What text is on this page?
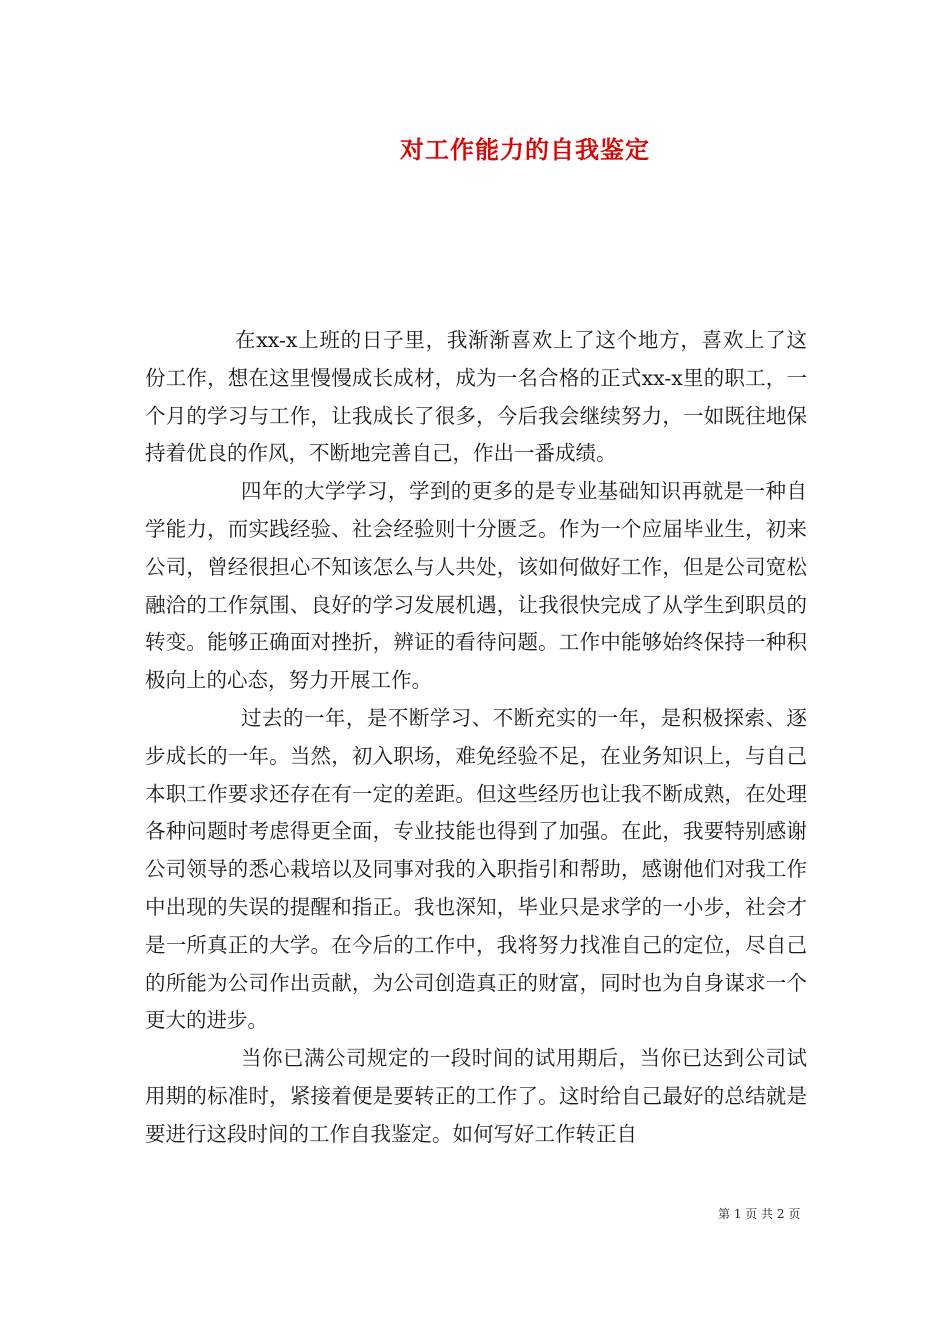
对工作能力的自我鉴定

在xx-x上班的日子里，我渐渐喜欢上了这个地方，喜欢上了这份工作，想在这里慢慢成长成材，成为一名合格的正式xx-x里的职工，一个月的学习与工作，让我成长了很多，今后我会继续努力，一如既往地保持着优良的作风，不断地完善自己，作出一番成绩。

四年的大学学习，学到的更多的是专业基础知识再就是一种自学能力，而实践经验、社会经验则十分匮乏。作为一个应届毕业生，初来公司，曾经很担心不知该怎么与人共处，该如何做好工作，但是公司宽松融洽的工作氛围、良好的学习发展机遇，让我很快完成了从学生到职员的转变。能够正确面对挫折，辨证的看待问题。工作中能够始终保持一种积极向上的心态，努力开展工作。

过去的一年，是不断学习、不断充实的一年，是积极探索、逐步成长的一年。当然，初入职场，难免经验不足，在业务知识上，与自己本职工作要求还存在有一定的差距。但这些经历也让我不断成熟，在处理各种问题时考虑得更全面，专业技能也得到了加强。在此，我要特别感谢公司领导的悉心栽培以及同事对我的入职指引和帮助，感谢他们对我工作中出现的失误的提醒和指正。我也深知，毕业只是求学的一小步，社会才是一所真正的大学。在今后的工作中，我将努力找准自己的定位，尽自己的所能为公司作出贡献，为公司创造真正的财富，同时也为自身谋求一个更大的进步。

当你已满公司规定的一段时间的试用期后，当你已达到公司试用期的标准时，紧接着便是要转正的工作了。这时给自己最好的总结就是要进行这段时间的工作自我鉴定。如何写好工作转正自

第 1 页 共 2 页
